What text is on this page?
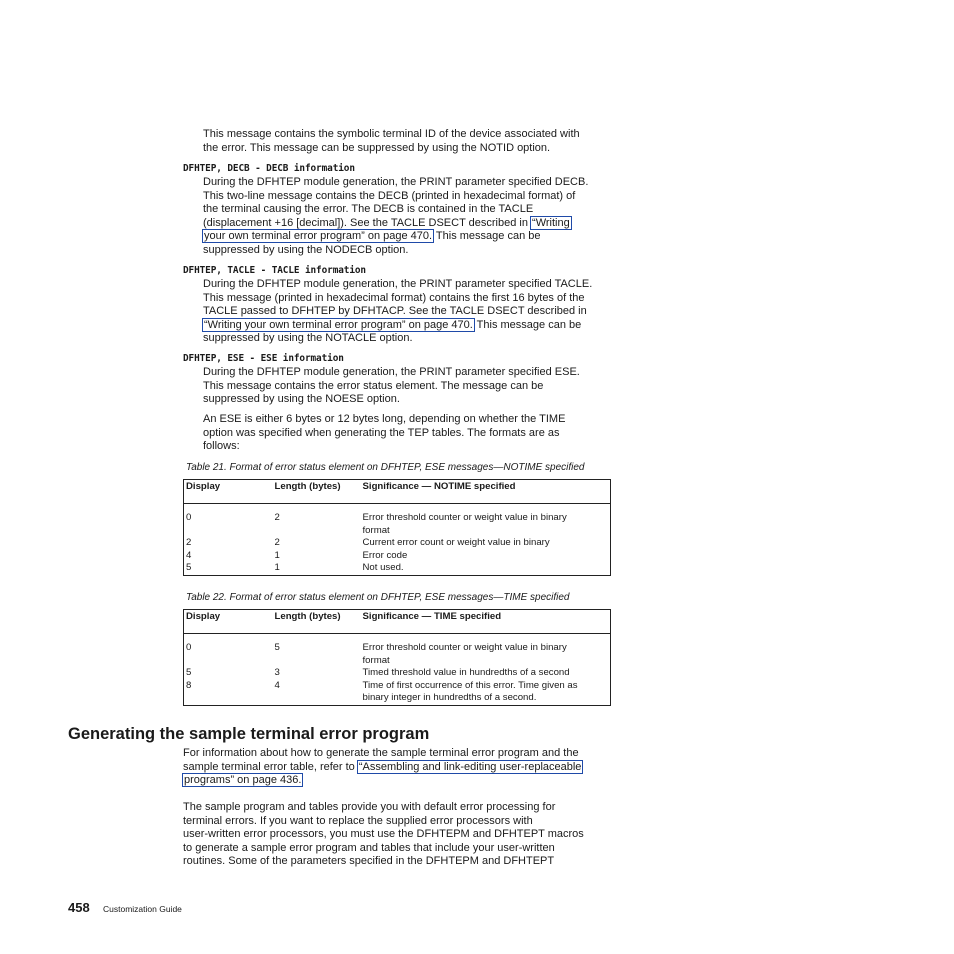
This message contains the symbolic terminal ID of the device associated with
the error. This message can be suppressed by using the NOTID option.
DFHTEP, DECB - DECB information
During the DFHTEP module generation, the PRINT parameter specified DECB.
This two-line message contains the DECB (printed in hexadecimal format) of
the terminal causing the error. The DECB is contained in the TACLE
(displacement +16 [decimal]). See the TACLE DSECT described in “Writing
your own terminal error program” on page 470. This message can be
suppressed by using the NODECB option.
DFHTEP, TACLE - TACLE information
During the DFHTEP module generation, the PRINT parameter specified TACLE.
This message (printed in hexadecimal format) contains the first 16 bytes of the
TACLE passed to DFHTEP by DFHTACP. See the TACLE DSECT described in
“Writing your own terminal error program” on page 470. This message can be
suppressed by using the NOTACLE option.
DFHTEP, ESE - ESE information
During the DFHTEP module generation, the PRINT parameter specified ESE.
This message contains the error status element. The message can be
suppressed by using the NOESE option.
An ESE is either 6 bytes or 12 bytes long, depending on whether the TIME
option was specified when generating the TEP tables. The formats are as
follows:
Table 21. Format of error status element on DFHTEP, ESE messages—NOTIME specified
Display	Length (bytes)	Significance — NOTIME specified
0	2	Error threshold counter or weight value in binary
format

2	2	Current error count or weight value in binary
4	1	Error code
5	1	Not used.
Table 22. Format of error status element on DFHTEP, ESE messages—TIME specified
Display	Length (bytes)	Significance — TIME specified
0	5	Error threshold counter or weight value in binary
format

5	3	Timed threshold value in hundredths of a second
8	4	Time of first occurrence of this error. Time given as
binary integer in hundredths of a second.
Generating the sample terminal error program
For information about how to generate the sample terminal error program and the
sample terminal error table, refer to “Assembling and link-editing user-replaceable
programs” on page 436.
The sample program and tables provide you with default error processing for
terminal errors. If you want to replace the supplied error processors with
user-written error processors, you must use the DFHTEPM and DFHTEPT macros
to generate a sample error program and tables that include your user-written
routines. Some of the parameters specified in the DFHTEPM and DFHTEPT
458 Customization Guide
